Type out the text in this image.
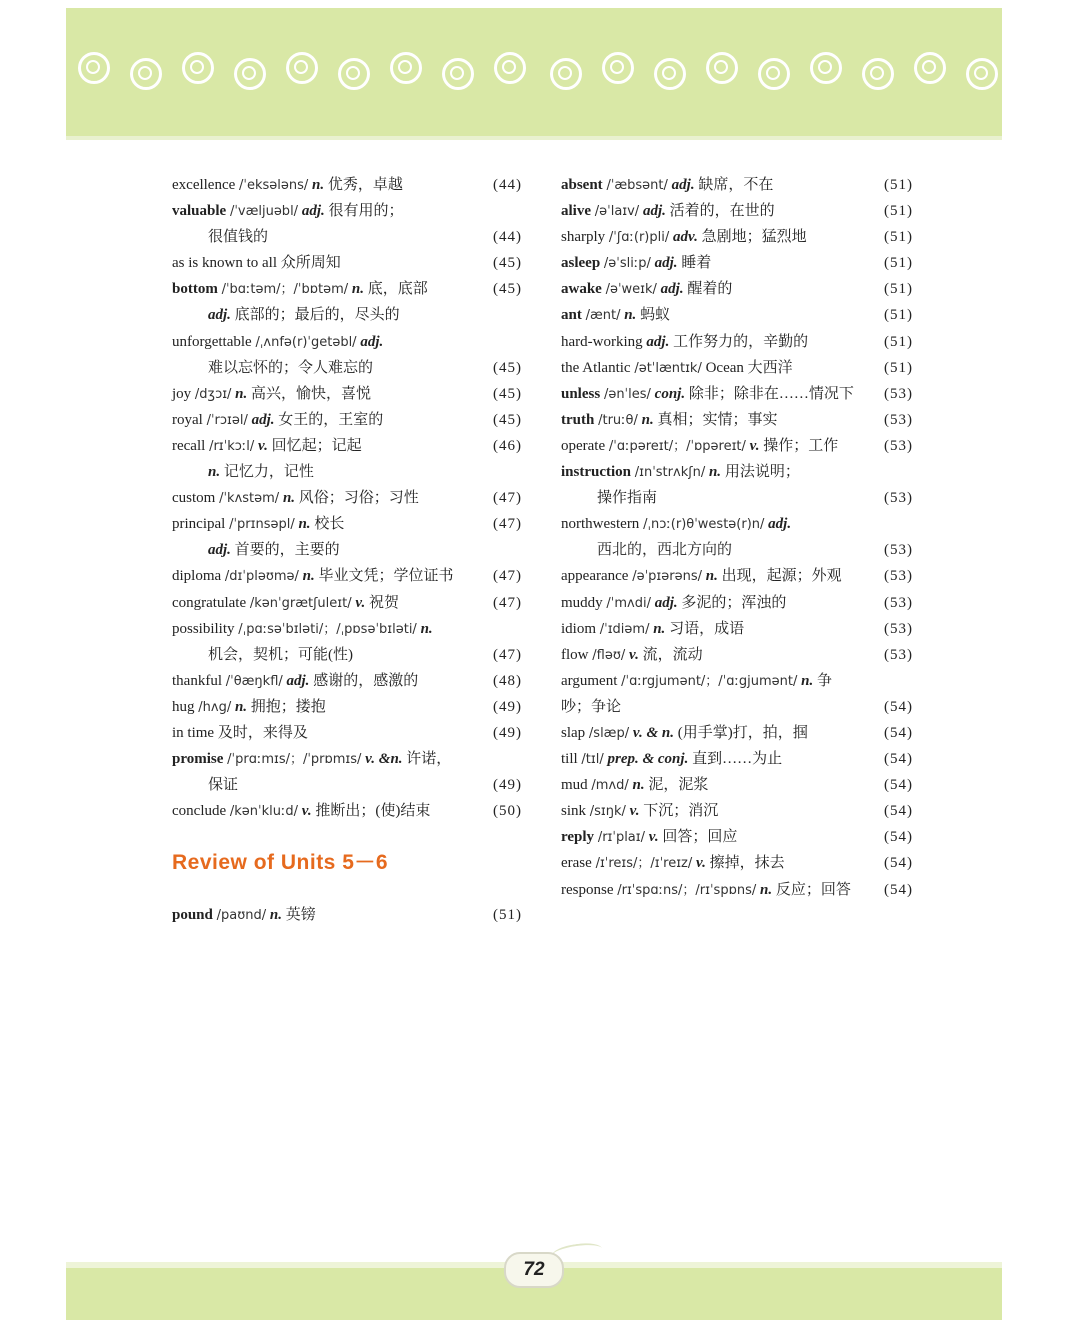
excellence /ˈeksələns/ n. 优秀，卓越	(44)
valuable /ˈvæljuəbl/ adj. 很有用的；
很值钱的	(44)
as is known to all 众所周知	(45)
bottom /ˈbɑːtəm/；/ˈbɒtəm/ n. 底，底部	(45)
adj. 底部的；最后的，尽头的
unforgettable /ˌʌnfə(r)ˈgetəbl/ adj.
难以忘怀的；令人难忘的	(45)
joy /dʒɔɪ/ n. 高兴，愉快，喜悦	(45)
royal /ˈrɔɪəl/ adj. 女王的，王室的	(45)
recall /rɪˈkɔːl/ v. 回忆起；记起	(46)
n. 记忆力，记性
custom /ˈkʌstəm/ n. 风俗；习俗；习性	(47)
principal /ˈprɪnsəpl/ n. 校长	(47)
adj. 首要的，主要的
diploma /dɪˈpləʊmə/ n. 毕业文凭；学位证书	(47)
congratulate /kənˈgrætʃuleɪt/ v. 祝贺	(47)
possibility /ˌpɑːsəˈbɪləti/；/ˌpɒsəˈbɪləti/ n.
机会，契机；可能(性)	(47)
thankful /ˈθæŋkfl/ adj. 感谢的，感激的	(48)
hug /hʌg/ n. 拥抱；搂抱	(49)
in time 及时，来得及	(49)
promise /ˈprɑːmɪs/；/ˈprɒmɪs/ v. &n. 许诺，
保证	(49)
conclude /kənˈkluːd/ v. 推断出；(使)结束	(50)
absent /ˈæbsənt/ adj. 缺席，不在	(51)
alive /əˈlaɪv/ adj. 活着的，在世的	(51)
sharply /ˈʃɑː(r)pli/ adv. 急剧地；猛烈地	(51)
asleep /əˈsliːp/ adj. 睡着	(51)
awake /əˈweɪk/ adj. 醒着的	(51)
ant /ænt/ n. 蚂蚁	(51)
hard-working adj. 工作努力的，辛勤的	(51)
the Atlantic /ətˈlæntɪk/ Ocean 大西洋	(51)
unless /ənˈles/ conj. 除非；除非在……情况下 (53)
truth /truːθ/ n. 真相；实情；事实	(53)
operate /ˈɑːpəreɪt/；/ˈɒpəreɪt/ v. 操作；工作	(53)
instruction /ɪnˈstrʌkʃn/ n. 用法说明；
操作指南	(53)
northwestern /ˌnɔː(r)θˈwestə(r)n/ adj.
西北的，西北方向的	(53)
appearance /əˈpɪərəns/ n. 出现，起源；外观	(53)
muddy /ˈmʌdi/ adj. 多泥的；浑浊的	(53)
idiom /ˈɪdiəm/ n. 习语，成语	(53)
flow /fləʊ/ v. 流，流动	(53)
argument /ˈɑːrgjumənt/；/ˈɑːgjumənt/ n. 争
吵；争论	(54)
slap /slæp/ v. & n. (用手掌)打，拍，掴	(54)
till /tɪl/ prep. & conj. 直到……为止	(54)
mud /mʌd/ n. 泥，泥浆	(54)
sink /sɪŋk/ v. 下沉；消沉	(54)
reply /rɪˈplaɪ/ v. 回答；回应	(54)
erase /ɪˈreɪs/；/ɪˈreɪz/ v. 擦掉，抹去	(54)
response /rɪˈspɑːns/；/rɪˈspɒns/ n. 反应；回答 (54)
Review of Units 5－6
pound /paʊnd/ n. 英镑	(51)
72
